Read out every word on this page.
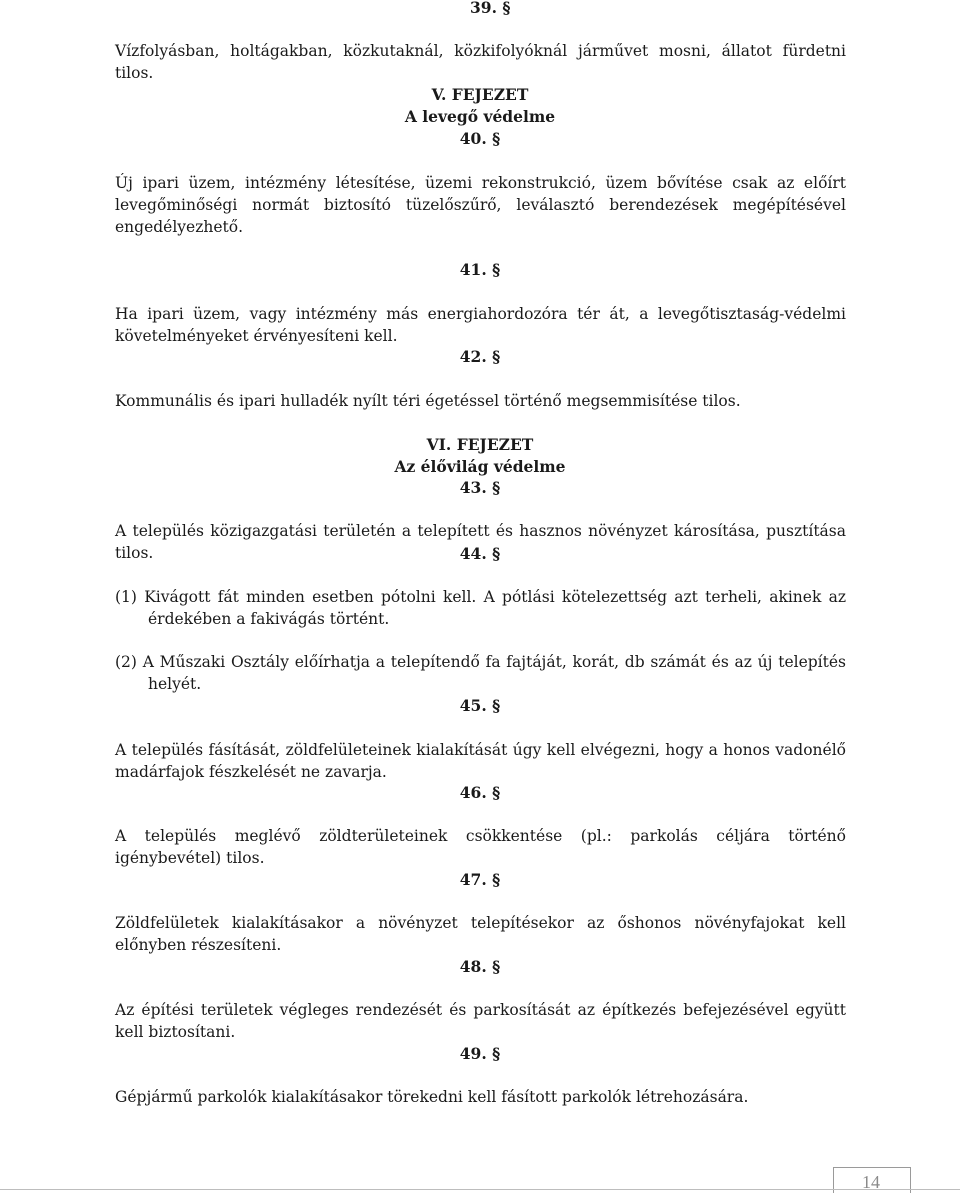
39. §
Vízfolyásban, holtágakban, közkutaknál, közkifolyóknál járművet mosni, állatot fürdetni tilos.
V. FEJEZET
A levegő védelme
40. §
Új ipari üzem, intézmény létesítése, üzemi rekonstrukció, üzem bővítése csak az előírt levegőminőségi normát biztosító tüzelőszűrő, leválasztó berendezések megépítésével engedélyezhető.
41. §
Ha ipari üzem, vagy intézmény más energiahordozóra tér át, a levegőtisztaság-védelmi követelményeket érvényesíteni kell.
42. §
Kommunális és ipari hulladék nyílt téri égetéssel történő megsemmisítése tilos.
VI. FEJEZET
Az élővilág védelme
43. §
A település közigazgatási területén a telepített és hasznos növényzet károsítása, pusztítása tilos.	44. §
(1) Kivágott fát minden esetben pótolni kell. A pótlási kötelezettség azt terheli, akinek az érdekében a fakivágás történt.
(2) A Műszaki Osztály előírhatja a telepítendő fa fajtáját, korát, db számát és az új telepítés helyét.
45. §
A település fásítását, zöldfelületeinek kialakítását úgy kell elvégezni, hogy a honos vadonélő madárfajok fészkelését ne zavarja.
46. §
A település meglévő zöldterületeinek csökkentése (pl.: parkolás céljára történő igénybevétel) tilos.
47. §
Zöldfelületek kialakításakor a növényzet telepítésekor az őshonos növényfajokat kell előnyben részesíteni.
48. §
Az építési területek végleges rendezését és parkosítását az építkezés befejezésével együtt kell biztosítani.
49. §
Gépjármű parkolók kialakításakor törekedni kell fásított parkolók létrehozására.
14
